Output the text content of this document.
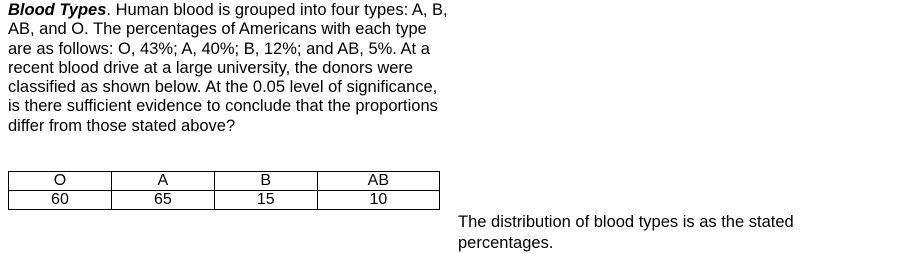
Blood Types. Human blood is grouped into four types: A, B, AB, and O. The percentages of Americans with each type are as follows: O, 43%; A, 40%; B, 12%; and AB, 5%. At a recent blood drive at a large university, the donors were classified as shown below. At the 0.05 level of significance, is there sufficient evidence to conclude that the proportions differ from those stated above?
O	A	B	AB
60	65	15	10
The distribution of blood types is as the stated percentages.
